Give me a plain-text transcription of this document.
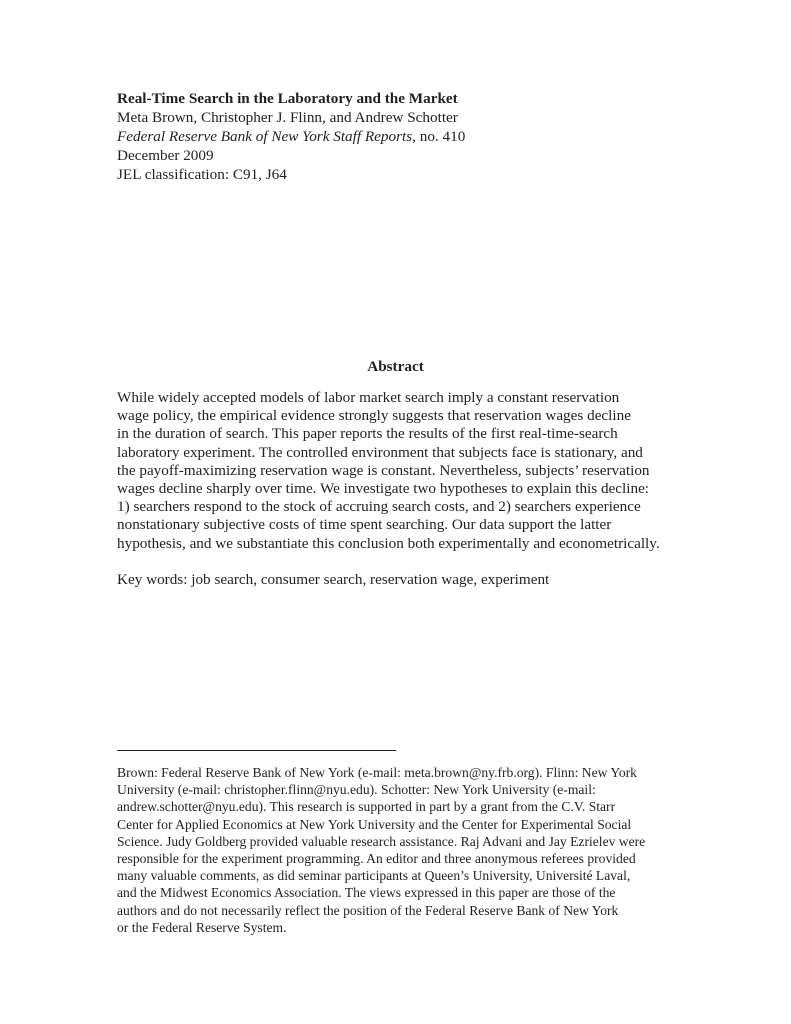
Real-Time Search in the Laboratory and the Market
Meta Brown, Christopher J. Flinn, and Andrew Schotter
Federal Reserve Bank of New York Staff Reports, no. 410
December 2009
JEL classification: C91, J64
Abstract
While widely accepted models of labor market search imply a constant reservation
wage policy, the empirical evidence strongly suggests that reservation wages decline
in the duration of search. This paper reports the results of the first real-time-search
laboratory experiment. The controlled environment that subjects face is stationary, and
the payoff-maximizing reservation wage is constant. Nevertheless, subjects’ reservation
wages decline sharply over time. We investigate two hypotheses to explain this decline:
1) searchers respond to the stock of accruing search costs, and 2) searchers experience
nonstationary subjective costs of time spent searching. Our data support the latter
hypothesis, and we substantiate this conclusion both experimentally and econometrically.
Key words: job search, consumer search, reservation wage, experiment
Brown: Federal Reserve Bank of New York (e-mail: meta.brown@ny.frb.org). Flinn: New York
University (e-mail: christopher.flinn@nyu.edu). Schotter: New York University (e-mail:
andrew.schotter@nyu.edu). This research is supported in part by a grant from the C.V. Starr
Center for Applied Economics at New York University and the Center for Experimental Social
Science. Judy Goldberg provided valuable research assistance. Raj Advani and Jay Ezrielev were
responsible for the experiment programming. An editor and three anonymous referees provided
many valuable comments, as did seminar participants at Queen’s University, Université Laval,
and the Midwest Economics Association. The views expressed in this paper are those of the
authors and do not necessarily reflect the position of the Federal Reserve Bank of New York
or the Federal Reserve System.
